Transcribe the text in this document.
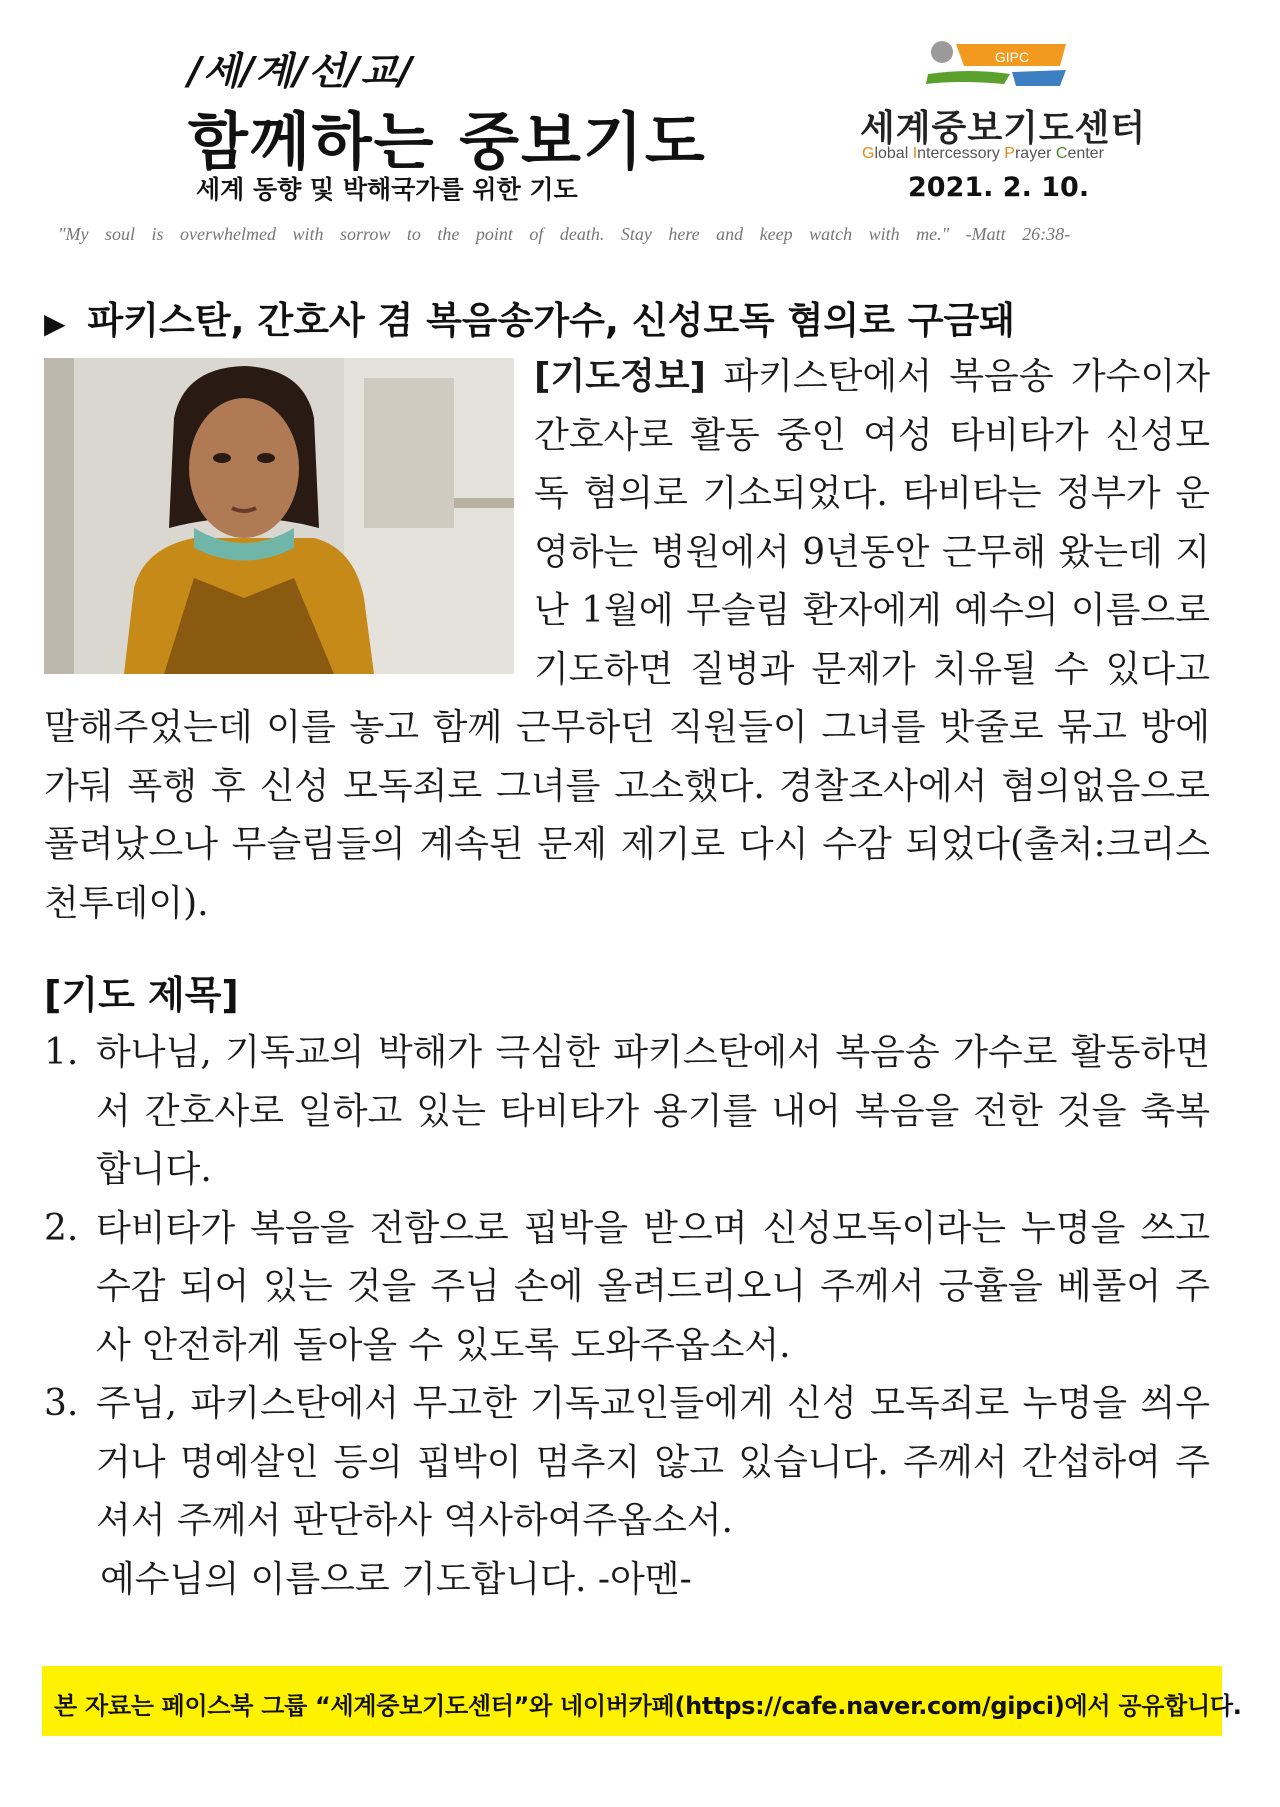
/세/계/선/교/
함께하는 중보기도
세계 동향 및 박해국가를 위한 기도
GIPC
세계중보기도센터
Global Intercessory Prayer Center
2021. 2. 10.
"My soul is overwhelmed with sorrow to the point of death. Stay here and keep watch with me." -Matt 26:38-
▶ 파키스탄, 간호사 겸 복음송가수, 신성모독 혐의로 구금돼
[기도정보] 파키스탄에서 복음송 가수이자 간호사로 활동 중인 여성 타비타가 신성모독 혐의로 기소되었다. 타비타는 정부가 운영하는 병원에서 9년동안 근무해 왔는데 지난 1월에 무슬림 환자에게 예수의 이름으로 기도하면 질병과 문제가 치유될 수 있다고 말해주었는데 이를 놓고 함께 근무하던 직원들이 그녀를 밧줄로 묶고 방에 가둬 폭행 후 신성 모독죄로 그녀를 고소했다. 경찰조사에서 혐의없음으로 풀려났으나 무슬림들의 계속된 문제 제기로 다시 수감 되었다(출처:크리스천투데이).
[기도 제목]
1. 하나님, 기독교의 박해가 극심한 파키스탄에서 복음송 가수로 활동하면서 간호사로 일하고 있는 타비타가 용기를 내어 복음을 전한 것을 축복합니다.
2. 타비타가 복음을 전함으로 핍박을 받으며 신성모독이라는 누명을 쓰고 수감 되어 있는 것을 주님 손에 올려드리오니 주께서 긍휼을 베풀어 주사 안전하게 돌아올 수 있도록 도와주옵소서.
3. 주님, 파키스탄에서 무고한 기독교인들에게 신성 모독죄로 누명을 씌우거나 명예살인 등의 핍박이 멈추지 않고 있습니다. 주께서 간섭하여 주셔서 주께서 판단하사 역사하여주옵소서.
예수님의 이름으로 기도합니다. -아멘-
본 자료는 페이스북 그룹 “세계중보기도센터”와 네이버카페(https://cafe.naver.com/gipci)에서 공유합니다.
